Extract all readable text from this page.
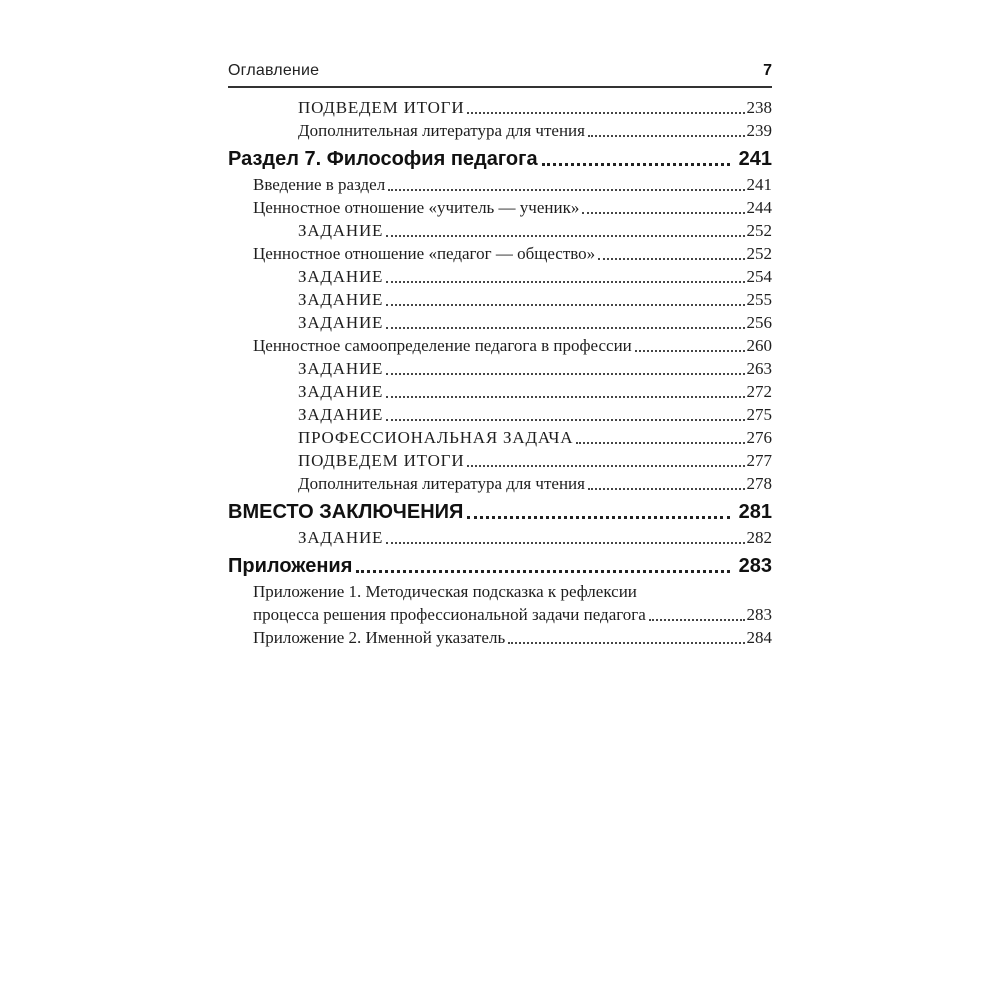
Оглавление	7
ПОДВЕДЕМ ИТОГИ	238
Дополнительная литература для чтения	239
Раздел 7. Философия педагога	241
Введение в раздел	241
Ценностное отношение «учитель — ученик»	244
ЗАДАНИЕ	252
Ценностное отношение «педагог — общество»	252
ЗАДАНИЕ	254
ЗАДАНИЕ	255
ЗАДАНИЕ	256
Ценностное самоопределение педагога в профессии	260
ЗАДАНИЕ	263
ЗАДАНИЕ	272
ЗАДАНИЕ	275
ПРОФЕССИОНАЛЬНАЯ ЗАДАЧА	276
ПОДВЕДЕМ ИТОГИ	277
Дополнительная литература для чтения	278
ВМЕСТО ЗАКЛЮЧЕНИЯ	281
ЗАДАНИЕ	282
Приложения	283
Приложение 1. Методическая подсказка к рефлексии
процесса решения профессиональной задачи педагога	283
Приложение 2. Именной указатель	284
